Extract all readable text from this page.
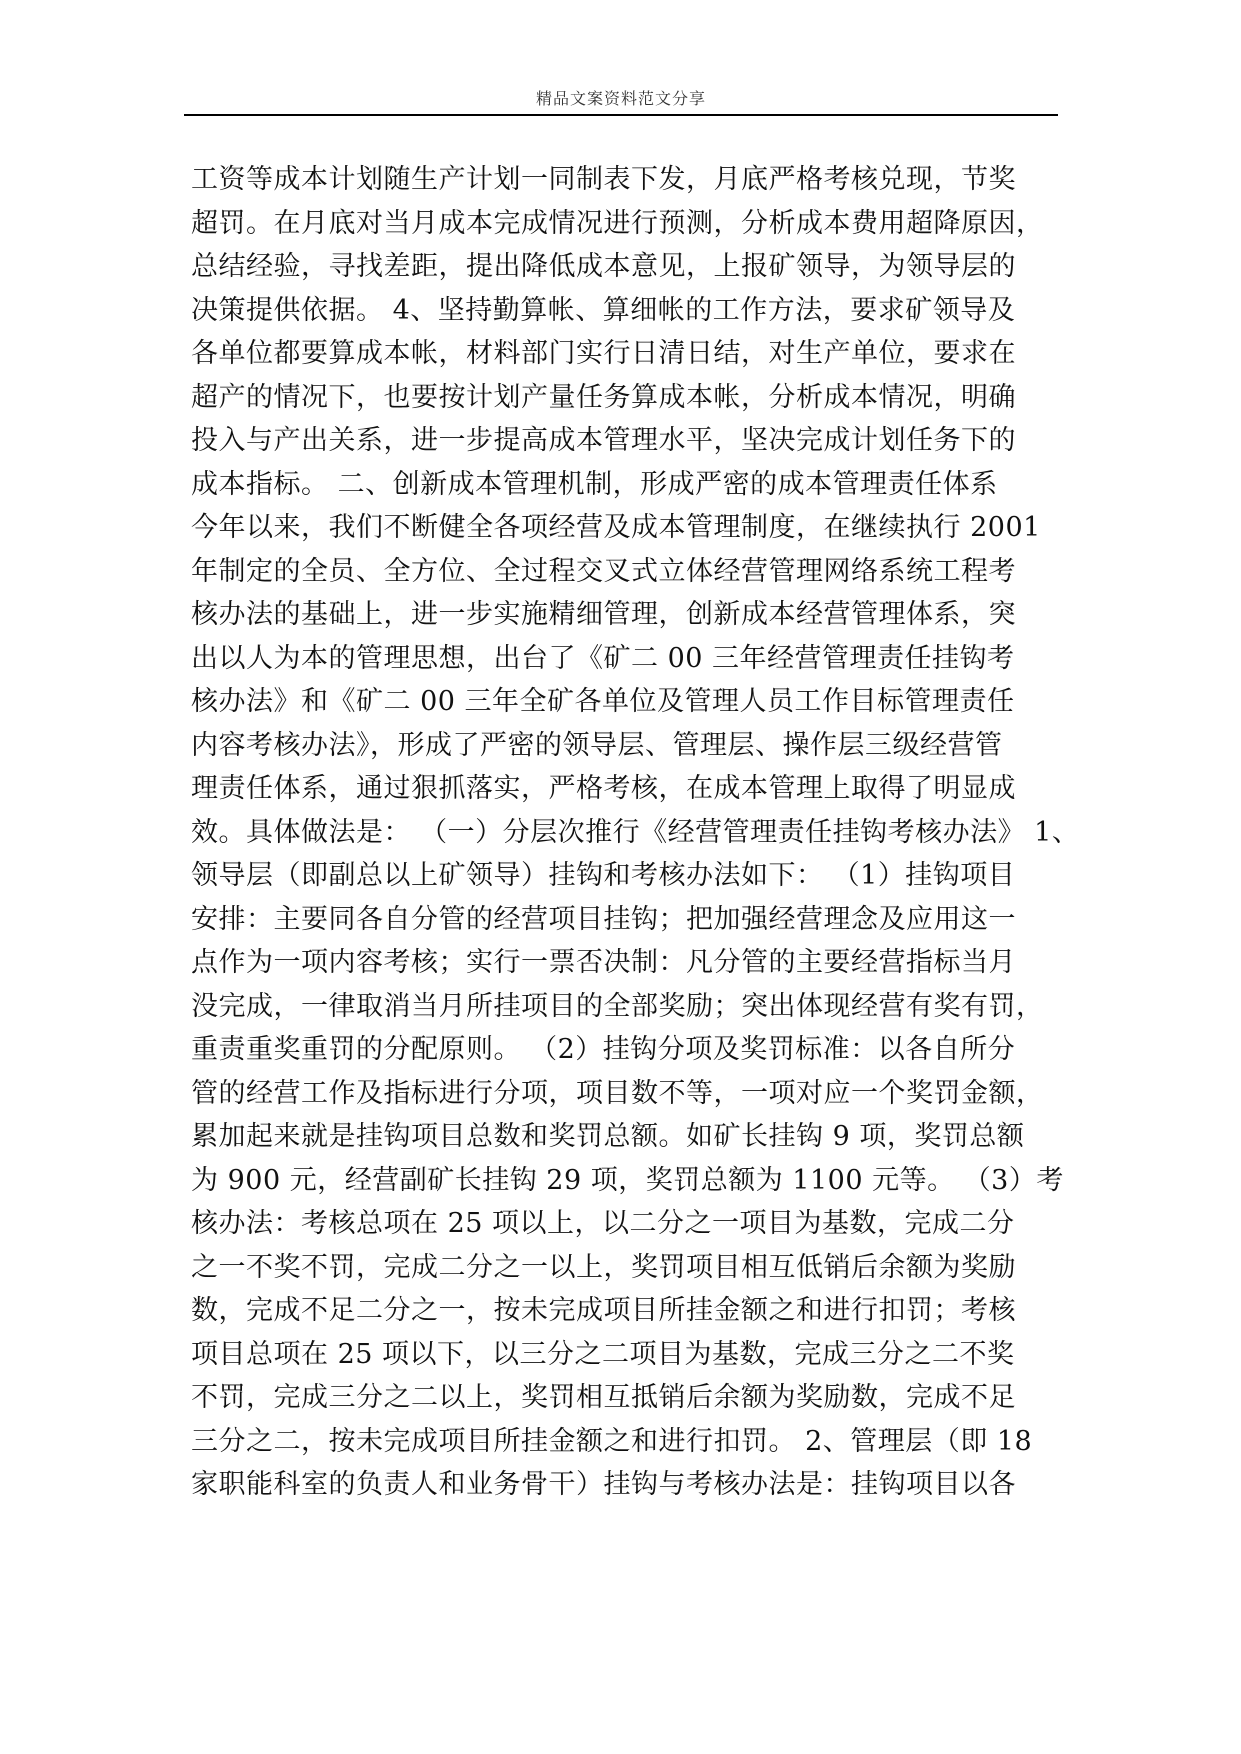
精品文案资料范文分享
工资等成本计划随生产计划一同制表下发，月底严格考核兑现，节奖
超罚。在月底对当月成本完成情况进行预测，分析成本费用超降原因，
总结经验，寻找差距，提出降低成本意见，上报矿领导，为领导层的
决策提供依据。 4、坚持勤算帐、算细帐的工作方法，要求矿领导及
各单位都要算成本帐，材料部门实行日清日结，对生产单位，要求在
超产的情况下，也要按计划产量任务算成本帐，分析成本情况，明确
投入与产出关系，进一步提高成本管理水平，坚决完成计划任务下的
成本指标。 二、创新成本管理机制，形成严密的成本管理责任体系
今年以来，我们不断健全各项经营及成本管理制度，在继续执行 2001
年制定的全员、全方位、全过程交叉式立体经营管理网络系统工程考
核办法的基础上，进一步实施精细管理，创新成本经营管理体系，突
出以人为本的管理思想，出台了《矿二 00 三年经营管理责任挂钩考
核办法》和《矿二 00 三年全矿各单位及管理人员工作目标管理责任
内容考核办法》，形成了严密的领导层、管理层、操作层三级经营管
理责任体系，通过狠抓落实，严格考核，在成本管理上取得了明显成
效。具体做法是： （一）分层次推行《经营管理责任挂钩考核办法》 1、
领导层（即副总以上矿领导）挂钩和考核办法如下： （1）挂钩项目
安排：主要同各自分管的经营项目挂钩；把加强经营理念及应用这一
点作为一项内容考核；实行一票否决制：凡分管的主要经营指标当月
没完成，一律取消当月所挂项目的全部奖励；突出体现经营有奖有罚，
重责重奖重罚的分配原则。 （2）挂钩分项及奖罚标准：以各自所分
管的经营工作及指标进行分项，项目数不等，一项对应一个奖罚金额，
累加起来就是挂钩项目总数和奖罚总额。如矿长挂钩 9 项，奖罚总额
为 900 元，经营副矿长挂钩 29 项，奖罚总额为 1100 元等。 （3）考
核办法：考核总项在 25 项以上，以二分之一项目为基数，完成二分
之一不奖不罚，完成二分之一以上，奖罚项目相互低销后余额为奖励
数，完成不足二分之一，按未完成项目所挂金额之和进行扣罚；考核
项目总项在 25 项以下，以三分之二项目为基数，完成三分之二不奖
不罚，完成三分之二以上，奖罚相互抵销后余额为奖励数，完成不足
三分之二，按未完成项目所挂金额之和进行扣罚。 2、管理层（即 18
家职能科室的负责人和业务骨干）挂钩与考核办法是：挂钩项目以各
